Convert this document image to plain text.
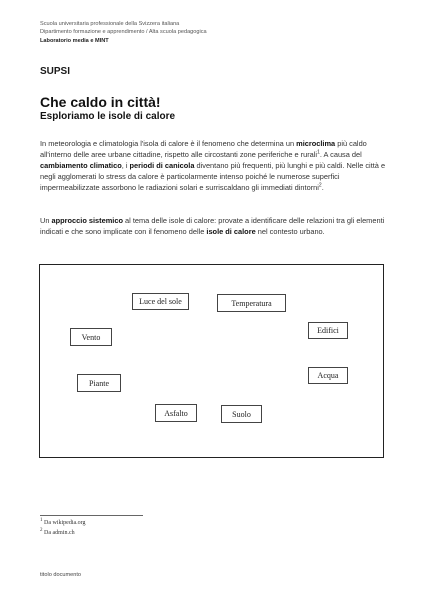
Scuola universitaria professionale della Svizzera italiana
Dipartimento formazione e apprendimento / Alta scuola pedagogica
Laboratorio media e MINT
SUPSI
Che caldo in città!
Esploriamo le isole di calore

In meteorologia e climatologia l'isola di calore è il fenomeno che determina un microclima più caldo all'interno delle aree urbane cittadine, rispetto alle circostanti zone periferiche e rurali$^1$. A causa del cambiamento climatico, i periodi di canicola diventano più frequenti, più lunghi e più caldi. Nelle città e negli agglomerati lo stress da calore è particolarmente intenso poiché le numerose superfici impermeabilizzate assorbono le radiazioni solari e surriscaldano gli immediati dintorni$^2$.

Un approccio sistemico al tema delle isole di calore: provate a identificare delle relazioni tra gli elementi indicati e che sono implicate con il fenomeno delle isole di calore nel contesto urbano.

Luce del sole	Temperatura
Vento
Edifici
Piante
Acqua
Asfalto	Suolo
$^1$ Da wikipedia.org
$^2$ Da admin.ch
titolo documento
